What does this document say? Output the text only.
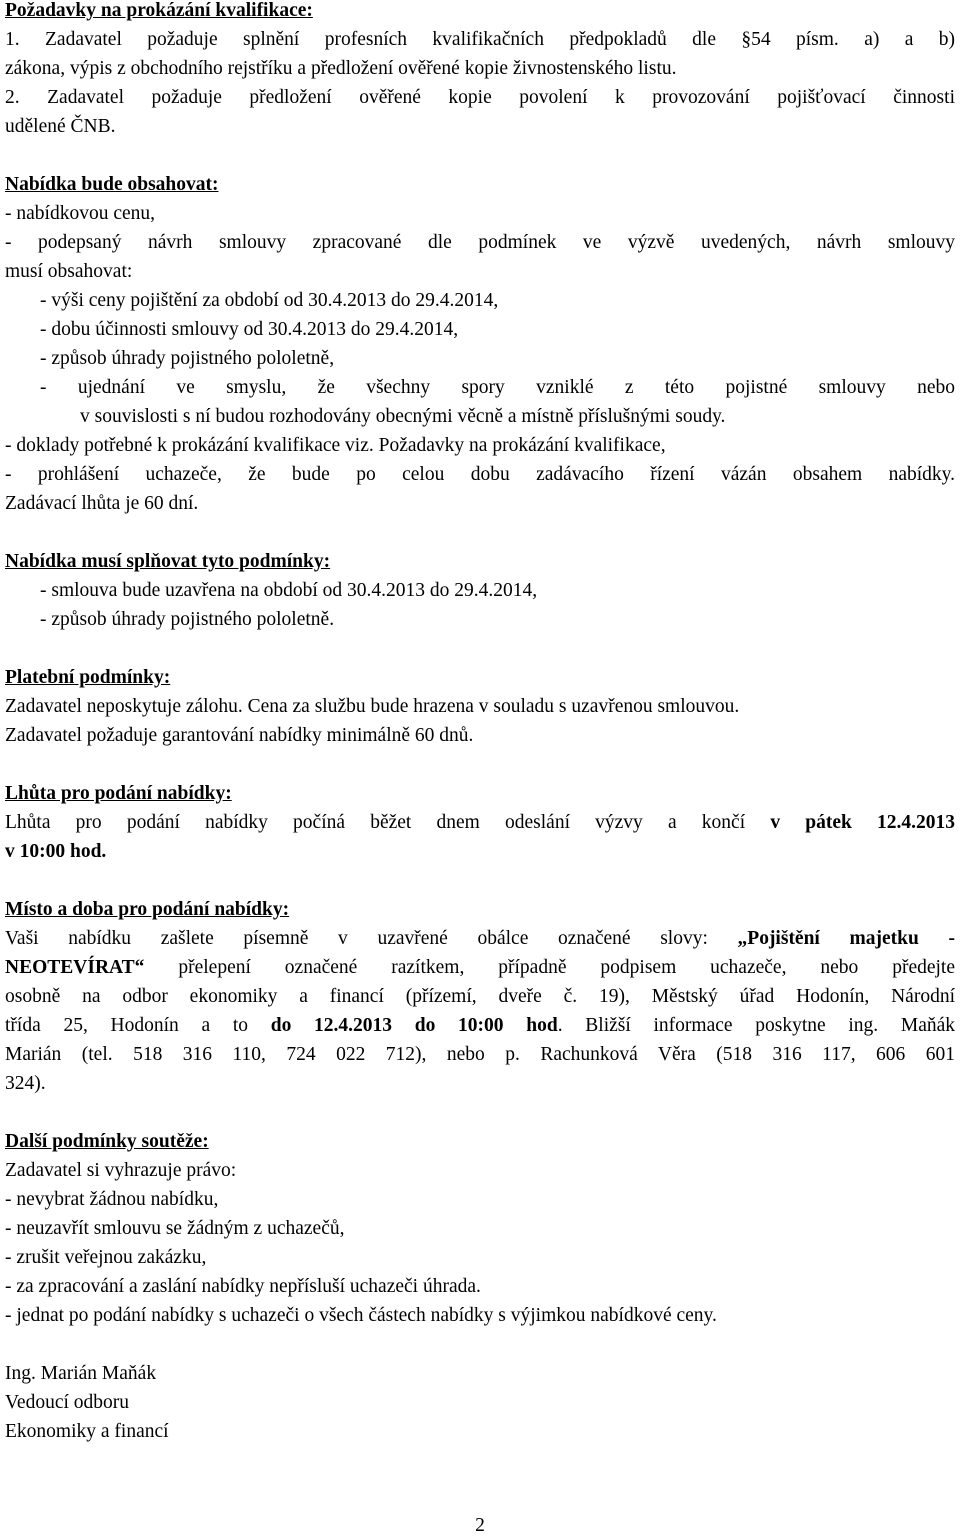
Požadavky na prokázání kvalifikace:
1. Zadavatel požaduje splnění profesních kvalifikačních předpokladů dle §54 písm. a) a b)
zákona, výpis z obchodního rejstříku a předložení ověřené kopie živnostenského listu.
2. Zadavatel požaduje předložení ověřené kopie povolení k provozování pojišťovací činnosti
udělené ČNB.
Nabídka bude obsahovat:
- nabídkovou cenu,
- podepsaný návrh smlouvy zpracované dle podmínek ve výzvě uvedených, návrh smlouvy
musí obsahovat:
- výši ceny pojištění za období od 30.4.2013 do 29.4.2014,
- dobu účinnosti smlouvy od 30.4.2013 do 29.4.2014,
- způsob úhrady pojistného pololetně,
- ujednání ve smyslu, že všechny spory vzniklé z této pojistné smlouvy nebo
v souvislosti s ní budou rozhodovány obecnými věcně a místně příslušnými soudy.
- doklady potřebné k prokázání kvalifikace viz. Požadavky na prokázání kvalifikace,
- prohlášení uchazeče, že bude po celou dobu zadávacího řízení vázán obsahem nabídky.
Zadávací lhůta je 60 dní.
Nabídka musí splňovat tyto podmínky:
- smlouva bude uzavřena na období od 30.4.2013 do 29.4.2014,
- způsob úhrady pojistného pololetně.
Platební podmínky:
Zadavatel neposkytuje zálohu. Cena za službu bude hrazena v souladu s uzavřenou smlouvou.
Zadavatel požaduje garantování nabídky minimálně 60 dnů.
Lhůta pro podání nabídky:
Lhůta pro podání nabídky počíná běžet dnem odeslání výzvy a končí v pátek 12.4.2013
v 10:00 hod.
Místo a doba pro podání nabídky:
Vaši nabídku zašlete písemně v uzavřené obálce označené slovy: „Pojištění majetku -
NEOTEVÍRAT“ přelepení označené razítkem, případně podpisem uchazeče, nebo předejte
osobně na odbor ekonomiky a financí (přízemí, dveře č. 19), Městský úřad Hodonín, Národní
třída 25, Hodonín a to do 12.4.2013 do 10:00 hod. Bližší informace poskytne ing. Maňák
Marián (tel. 518 316 110, 724 022 712), nebo p. Rachunková Věra (518 316 117, 606 601
324).
Další podmínky soutěže:
Zadavatel si vyhrazuje právo:
- nevybrat žádnou nabídku,
- neuzavřít smlouvu se žádným z uchazečů,
- zrušit veřejnou zakázku,
- za zpracování a zaslání nabídky nepřísluší uchazeči úhrada.
- jednat po podání nabídky s uchazeči o všech částech nabídky s výjimkou nabídkové ceny.
Ing. Marián Maňák
Vedoucí odboru
Ekonomiky a financí
2
